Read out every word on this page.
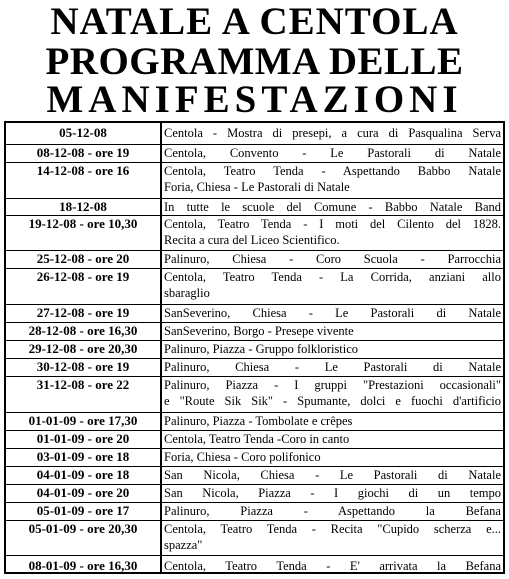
NATALE A CENTOLA
PROGRAMMA DELLE
MANIFESTAZIONI
05-12-08	Centola - Mostra di presepi, a cura di Pasqualina Serva
08-12-08 - ore 19	Centola, Convento - Le Pastorali di Natale
14-12-08 - ore 16	Centola, Teatro Tenda - Aspettando Babbo Natale
Foria, Chiesa - Le Pastorali di Natale
18-12-08	In tutte le scuole del Comune - Babbo Natale Band
19-12-08 - ore 10,30	Centola, Teatro Tenda - I moti del Cilento del 1828.
Recita a cura del Liceo Scientifico.
25-12-08 - ore 20	Palinuro, Chiesa - Coro Scuola - Parrocchia
26-12-08 - ore 19	Centola, Teatro Tenda - La Corrida, anziani allo
sbaraglio
27-12-08 - ore 19	SanSeverino, Chiesa - Le Pastorali di Natale
28-12-08 - ore 16,30	SanSeverino, Borgo - Presepe vivente
29-12-08 - ore 20,30	Palinuro, Piazza - Gruppo folkloristico
30-12-08 - ore 19	Palinuro, Chiesa - Le Pastorali di Natale
31-12-08 - ore 22	Palinuro, Piazza - I gruppi "Prestazioni occasionali"
e "Route Sik Sik" - Spumante, dolci e fuochi d'artificio
01-01-09 - ore 17,30	Palinuro, Piazza - Tombolate e crêpes
01-01-09 - ore 20	Centola, Teatro Tenda -Coro in canto
03-01-09 - ore 18	Foria, Chiesa - Coro polifonico
04-01-09 - ore 18	San Nicola, Chiesa - Le Pastorali di Natale
04-01-09 - ore 20	San Nicola, Piazza - I giochi di un tempo
05-01-09 - ore 17	Palinuro, Piazza - Aspettando la Befana
05-01-09 - ore 20,30	Centola, Teatro Tenda - Recita "Cupido scherza e...
spazza"
08-01-09 - ore 16,30	Centola, Teatro Tenda - E' arrivata la Befana
